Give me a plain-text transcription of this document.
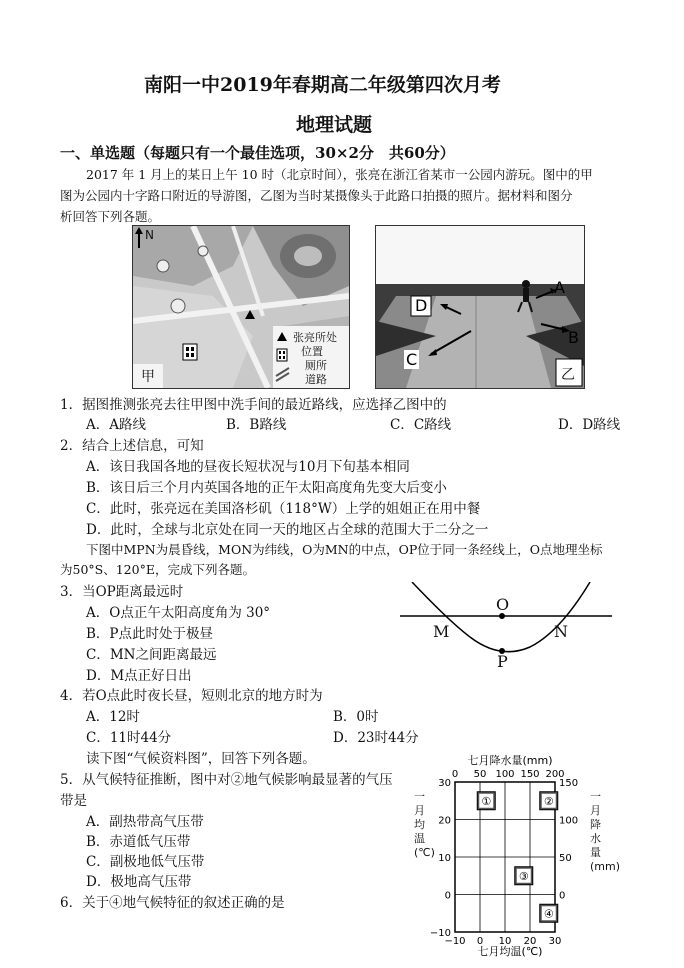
南阳一中2019年春期高二年级第四次月考
地理试题
一、单选题（每题只有一个最佳选项，30×2分　共60分）
2017 年 1 月上的某日上午 10 时（北京时间），张亮在浙江省某市一公园内游玩。图中的甲
图为公园内十字路口附近的导游图，乙图为当时某摄像头于此路口拍摄的照片。据材料和图分
析回答下列各题。
N
甲
张亮所处
位置
厕所
道路
A
B
C
D
乙
1．据图推测张亮去往甲图中洗手间的最近路线，应选择乙图中的
A．A路线	B．B路线	C．C路线	D．D路线
2．结合上述信息，可知
A．该日我国各地的昼夜长短状况与10月下旬基本相同
B．该日后三个月内英国各地的正午太阳高度角先变大后变小
C．此时，张亮远在美国洛杉矶（118°W）上学的姐姐正在用中餐
D．此时，全球与北京处在同一天的地区占全球的范围大于二分之一
下图中MPN为晨昏线，MON为纬线，O为MN的中点，OP位于同一条经线上，O点地理坐标
为50°S、120°E，完成下列各题。
O
M	N
P
3．当OP距离最远时
A．O点正午太阳高度角为 30°
B．P点此时处于极昼
C．MN之间距离最远
D．M点正好日出
4．若O点此时夜长昼，短则北京的地方时为
A．12时	B．0时
C．11时44分	D．23时44分
读下图“气候资料图”，回答下列各题。
5．从气候特征推断，图中对②地气候影响最显著的气压
带是
A．副热带高气压带
B．赤道低气压带
C．副极地低气压带
D．极地高气压带
6．关于④地气候特征的叙述正确的是
−10 0 10 20 30
0 50 100 150 200
30
20
10
0
−10
150
100
50
0
①	②
③
④
七月降水量(mm)
七月均温(℃)
一月均温(℃)
一月降水量(mm)
